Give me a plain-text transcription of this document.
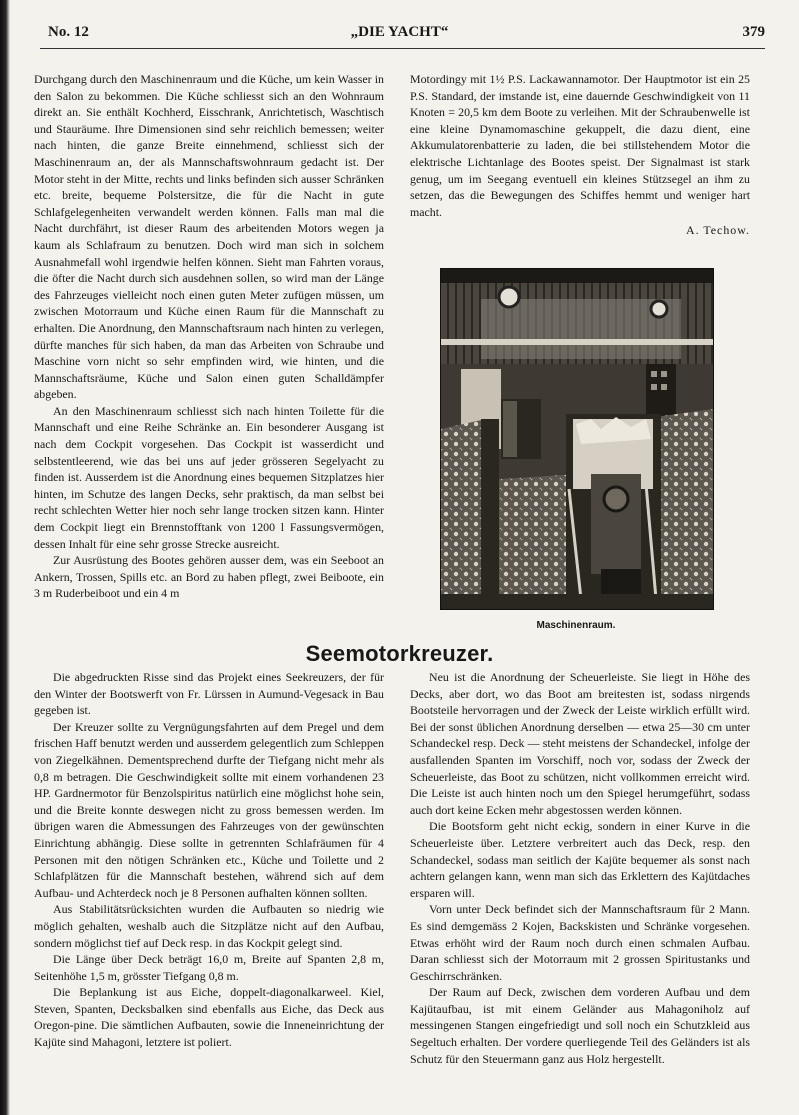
No. 12	„DIE YACHT“	379

Durchgang durch den Maschinenraum und die Küche, um kein Wasser in den Salon zu bekommen. Die Küche schliesst sich an den Wohnraum direkt an. Sie enthält Kochherd, Eisschrank, Anrichtetisch, Waschtisch und Stauräume. Ihre Dimensionen sind sehr reichlich bemessen; weiter nach hinten, die ganze Breite einnehmend, schliesst sich der Maschinenraum an, der als Mannschaftswohnraum gedacht ist. Der Motor steht in der Mitte, rechts und links befinden sich ausser Schränken etc. breite, bequeme Polstersitze, die für die Nacht in gute Schlafgelegenheiten verwandelt werden können. Falls man mal die Nacht durchfährt, ist dieser Raum des arbeitenden Motors wegen ja kaum als Schlafraum zu benutzen. Doch wird man sich in solchem Ausnahmefall wohl irgendwie helfen können. Sieht man Fahrten voraus, die öfter die Nacht durch sich ausdehnen sollen, so wird man der Länge des Fahrzeuges vielleicht noch einen guten Meter zufügen müssen, um zwischen Motorraum und Küche einen Raum für die Mannschaft zu erhalten. Die Anordnung, den Mannschaftsraum nach hinten zu verlegen, dürfte manches für sich haben, da man das Arbeiten von Schraube und Maschine vorn nicht so sehr empfinden wird, wie hinten, und die Mannschaftsräume, Küche und Salon einen guten Schalldämpfer abgeben.

An den Maschinenraum schliesst sich nach hinten Toilette für die Mannschaft und eine Reihe Schränke an. Ein besonderer Ausgang ist nach dem Cockpit vorgesehen. Das Cockpit ist wasserdicht und selbstentleerend, wie das bei uns auf jeder grösseren Segelyacht zu finden ist. Ausserdem ist die Anordnung eines bequemen Sitzplatzes hier hinten, im Schutze des langen Decks, sehr praktisch, da man selbst bei recht schlechten Wetter hier noch sehr lange trocken sitzen kann. Hinter dem Cockpit liegt ein Brennstofftank von 1200 l Fassungsvermögen, dessen Inhalt für eine sehr grosse Strecke ausreicht.

Zur Ausrüstung des Bootes gehören ausser dem, was ein Seeboot an Ankern, Trossen, Spills etc. an Bord zu haben pflegt, zwei Beiboote, ein 3 m Ruderbeiboot und ein 4 m

Motordingy mit 1½ P.S. Lackawannamotor. Der Hauptmotor ist ein 25 P.S. Standard, der imstande ist, eine dauernde Geschwindigkeit von 11 Knoten = 20,5 km dem Boote zu verleihen. Mit der Schraubenwelle ist eine kleine Dynamomaschine gekuppelt, die dazu dient, eine Akkumulatorenbatterie zu laden, die bei stillstehendem Motor die elektrische Lichtanlage des Bootes speist. Der Signalmast ist stark genug, um im Seegang eventuell ein kleines Stützsegel an ihm zu setzen, das die Bewegungen des Schiffes hemmt und weniger hart macht.

A. Techow.

Maschinenraum.
Seemotorkreuzer.

Die abgedruckten Risse sind das Projekt eines Seekreuzers, der für den Winter der Bootswerft von Fr. Lürssen in Aumund-Vegesack in Bau gegeben ist.

Der Kreuzer sollte zu Vergnügungsfahrten auf dem Pregel und dem frischen Haff benutzt werden und ausserdem gelegentlich zum Schleppen von Ziegelkähnen. Dementsprechend durfte der Tiefgang nicht mehr als 0,8 m betragen. Die Geschwindigkeit sollte mit einem vorhandenen 23 HP. Gardnermotor für Benzolspiritus natürlich eine möglichst hohe sein, und die Breite konnte deswegen nicht zu gross bemessen werden. Im übrigen waren die Abmessungen des Fahrzeuges von der gewünschten Einrichtung abhängig. Diese sollte in getrennten Schlafräumen für 4 Personen mit den nötigen Schränken etc., Küche und Toilette und 2 Schlafplätzen für die Mannschaft bestehen, während sich auf dem Aufbau- und Achterdeck noch je 8 Personen aufhalten können sollten.

Aus Stabilitätsrücksichten wurden die Aufbauten so niedrig wie möglich gehalten, weshalb auch die Sitzplätze nicht auf den Aufbau, sondern möglichst tief auf Deck resp. in das Kockpit gelegt sind.

Die Länge über Deck beträgt 16,0 m, Breite auf Spanten 2,8 m, Seitenhöhe 1,5 m, grösster Tiefgang 0,8 m.

Die Beplankung ist aus Eiche, doppelt-diagonalkarweel. Kiel, Steven, Spanten, Decksbalken sind ebenfalls aus Eiche, das Deck aus Oregon-pine. Die sämtlichen Aufbauten, sowie die Inneneinrichtung der Kajüte sind Mahagoni, letztere ist poliert.

Neu ist die Anordnung der Scheuerleiste. Sie liegt in Höhe des Decks, aber dort, wo das Boot am breitesten ist, sodass nirgends Bootsteile hervorragen und der Zweck der Leiste wirklich erfüllt wird. Bei der sonst üblichen Anordnung derselben — etwa 25—30 cm unter Schandeckel resp. Deck — steht meistens der Schandeckel, infolge der ausfallenden Spanten im Vorschiff, noch vor, sodass der Zweck der Scheuerleiste, das Boot zu schützen, nicht vollkommen erreicht wird. Die Leiste ist auch hinten noch um den Spiegel herumgeführt, sodass auch dort keine Ecken mehr abgestossen werden können.

Die Bootsform geht nicht eckig, sondern in einer Kurve in die Scheuerleiste über. Letztere verbreitert auch das Deck, resp. den Schandeckel, sodass man seitlich der Kajüte bequemer als sonst nach achtern gelangen kann, wenn man sich das Erklettern des Kajütdaches ersparen will.

Vorn unter Deck befindet sich der Mannschaftsraum für 2 Mann. Es sind demgemäss 2 Kojen, Backskisten und Schränke vorgesehen. Etwas erhöht wird der Raum noch durch einen schmalen Aufbau. Daran schliesst sich der Motorraum mit 2 grossen Spiritustanks und Geschirrschränken.

Der Raum auf Deck, zwischen dem vorderen Aufbau und dem Kajütaufbau, ist mit einem Geländer aus Mahagoniholz auf messingenen Stangen eingefriedigt und soll noch ein Schutzkleid aus Segeltuch erhalten. Der vordere querliegende Teil des Geländers ist als Schutz für den Steuermann ganz aus Holz hergestellt.
